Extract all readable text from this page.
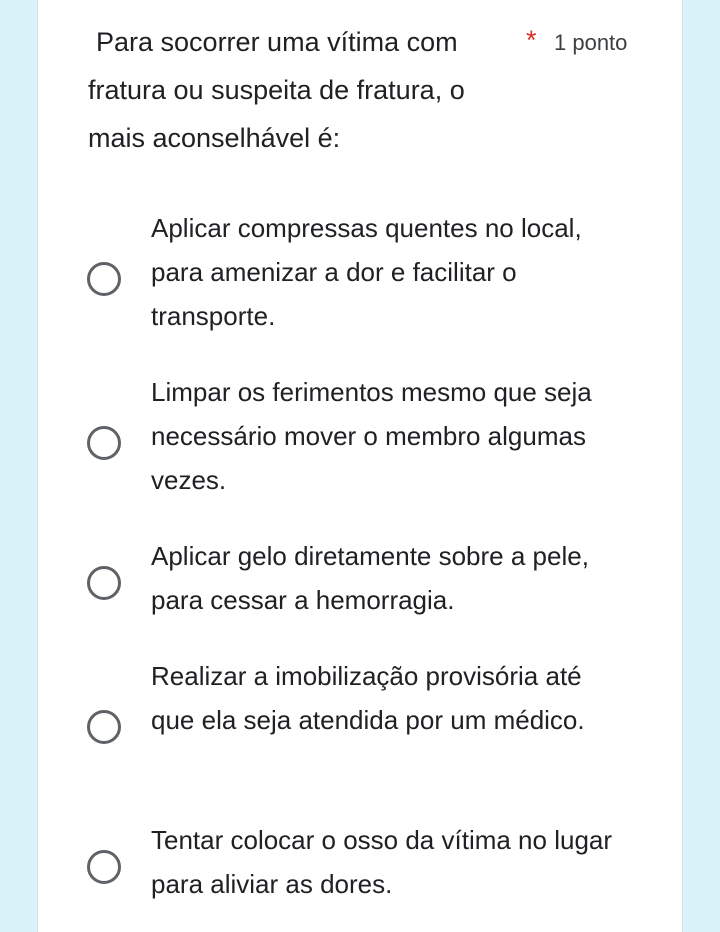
Para socorrer uma vítima com fratura ou suspeita de fratura, o mais aconselhável é:
* 1 ponto
Aplicar compressas quentes no local, para amenizar a dor e facilitar o transporte.
Limpar os ferimentos mesmo que seja necessário mover o membro algumas vezes.
Aplicar gelo diretamente sobre a pele, para cessar a hemorragia.
Realizar a imobilização provisória até que ela seja atendida por um médico.
Tentar colocar o osso da vítima no lugar para aliviar as dores.
